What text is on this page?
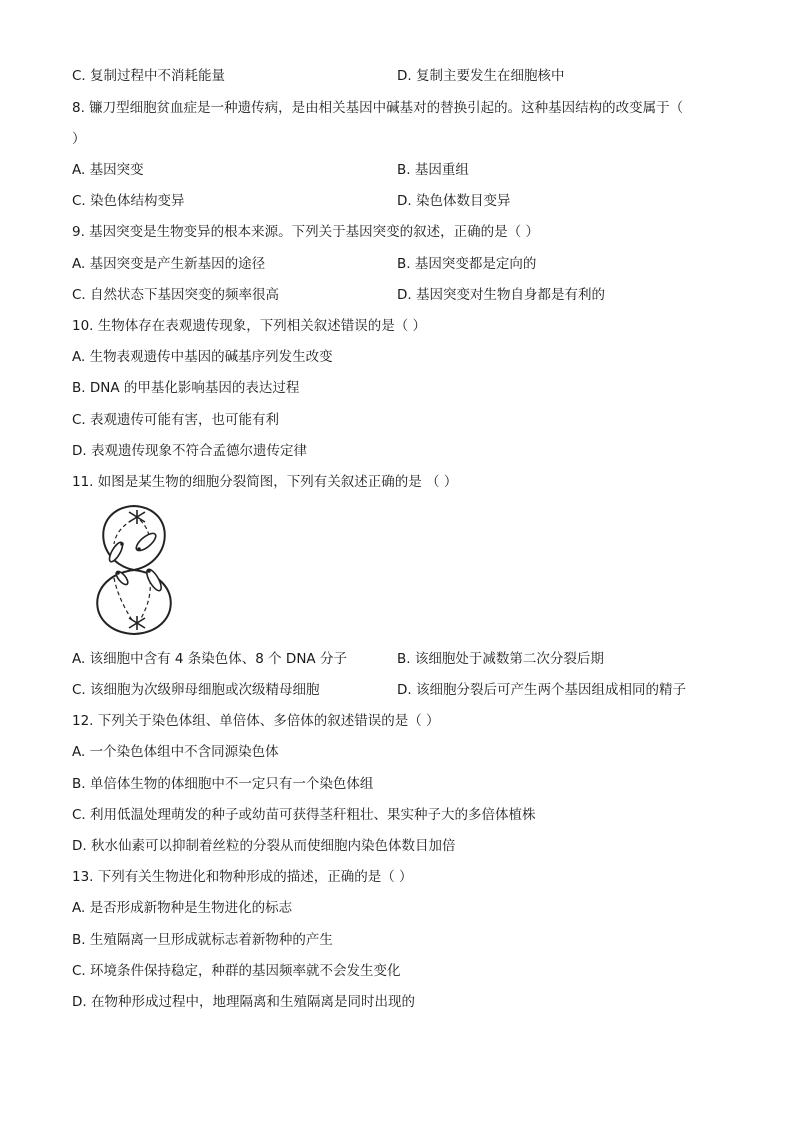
C. 复制过程中不消耗能量	D. 复制主要发生在细胞核中
8. 镰刀型细胞贫血症是一种遗传病，是由相关基因中碱基对的替换引起的。这种基因结构的改变属于（
）
A. 基因突变	B. 基因重组
C. 染色体结构变异	D. 染色体数目变异
9. 基因突变是生物变异的根本来源。下列关于基因突变的叙述，正确的是（ ）
A. 基因突变是产生新基因的途径	B. 基因突变都是定向的
C. 自然状态下基因突变的频率很高	D. 基因突变对生物自身都是有利的
10. 生物体存在表观遗传现象，下列相关叙述错误的是（ ）
A. 生物表观遗传中基因的碱基序列发生改变
B. DNA 的甲基化影响基因的表达过程
C. 表观遗传可能有害，也可能有利
D. 表观遗传现象不符合孟德尔遗传定律
11. 如图是某生物的细胞分裂简图，下列有关叙述正确的是 （ ）
A. 该细胞中含有 4 条染色体、8 个 DNA 分子	B. 该细胞处于减数第二次分裂后期
C. 该细胞为次级卵母细胞或次级精母细胞	D. 该细胞分裂后可产生两个基因组成相同的精子
12. 下列关于染色体组、单倍体、多倍体的叙述错误的是（ ）
A. 一个染色体组中不含同源染色体
B. 单倍体生物的体细胞中不一定只有一个染色体组
C. 利用低温处理萌发的种子或幼苗可获得茎秆粗壮、果实种子大的多倍体植株
D. 秋水仙素可以抑制着丝粒的分裂从而使细胞内染色体数目加倍
13. 下列有关生物进化和物种形成的描述，正确的是（ ）
A. 是否形成新物种是生物进化的标志
B. 生殖隔离一旦形成就标志着新物种的产生
C. 环境条件保持稳定，种群的基因频率就不会发生变化
D. 在物种形成过程中，地理隔离和生殖隔离是同时出现的
